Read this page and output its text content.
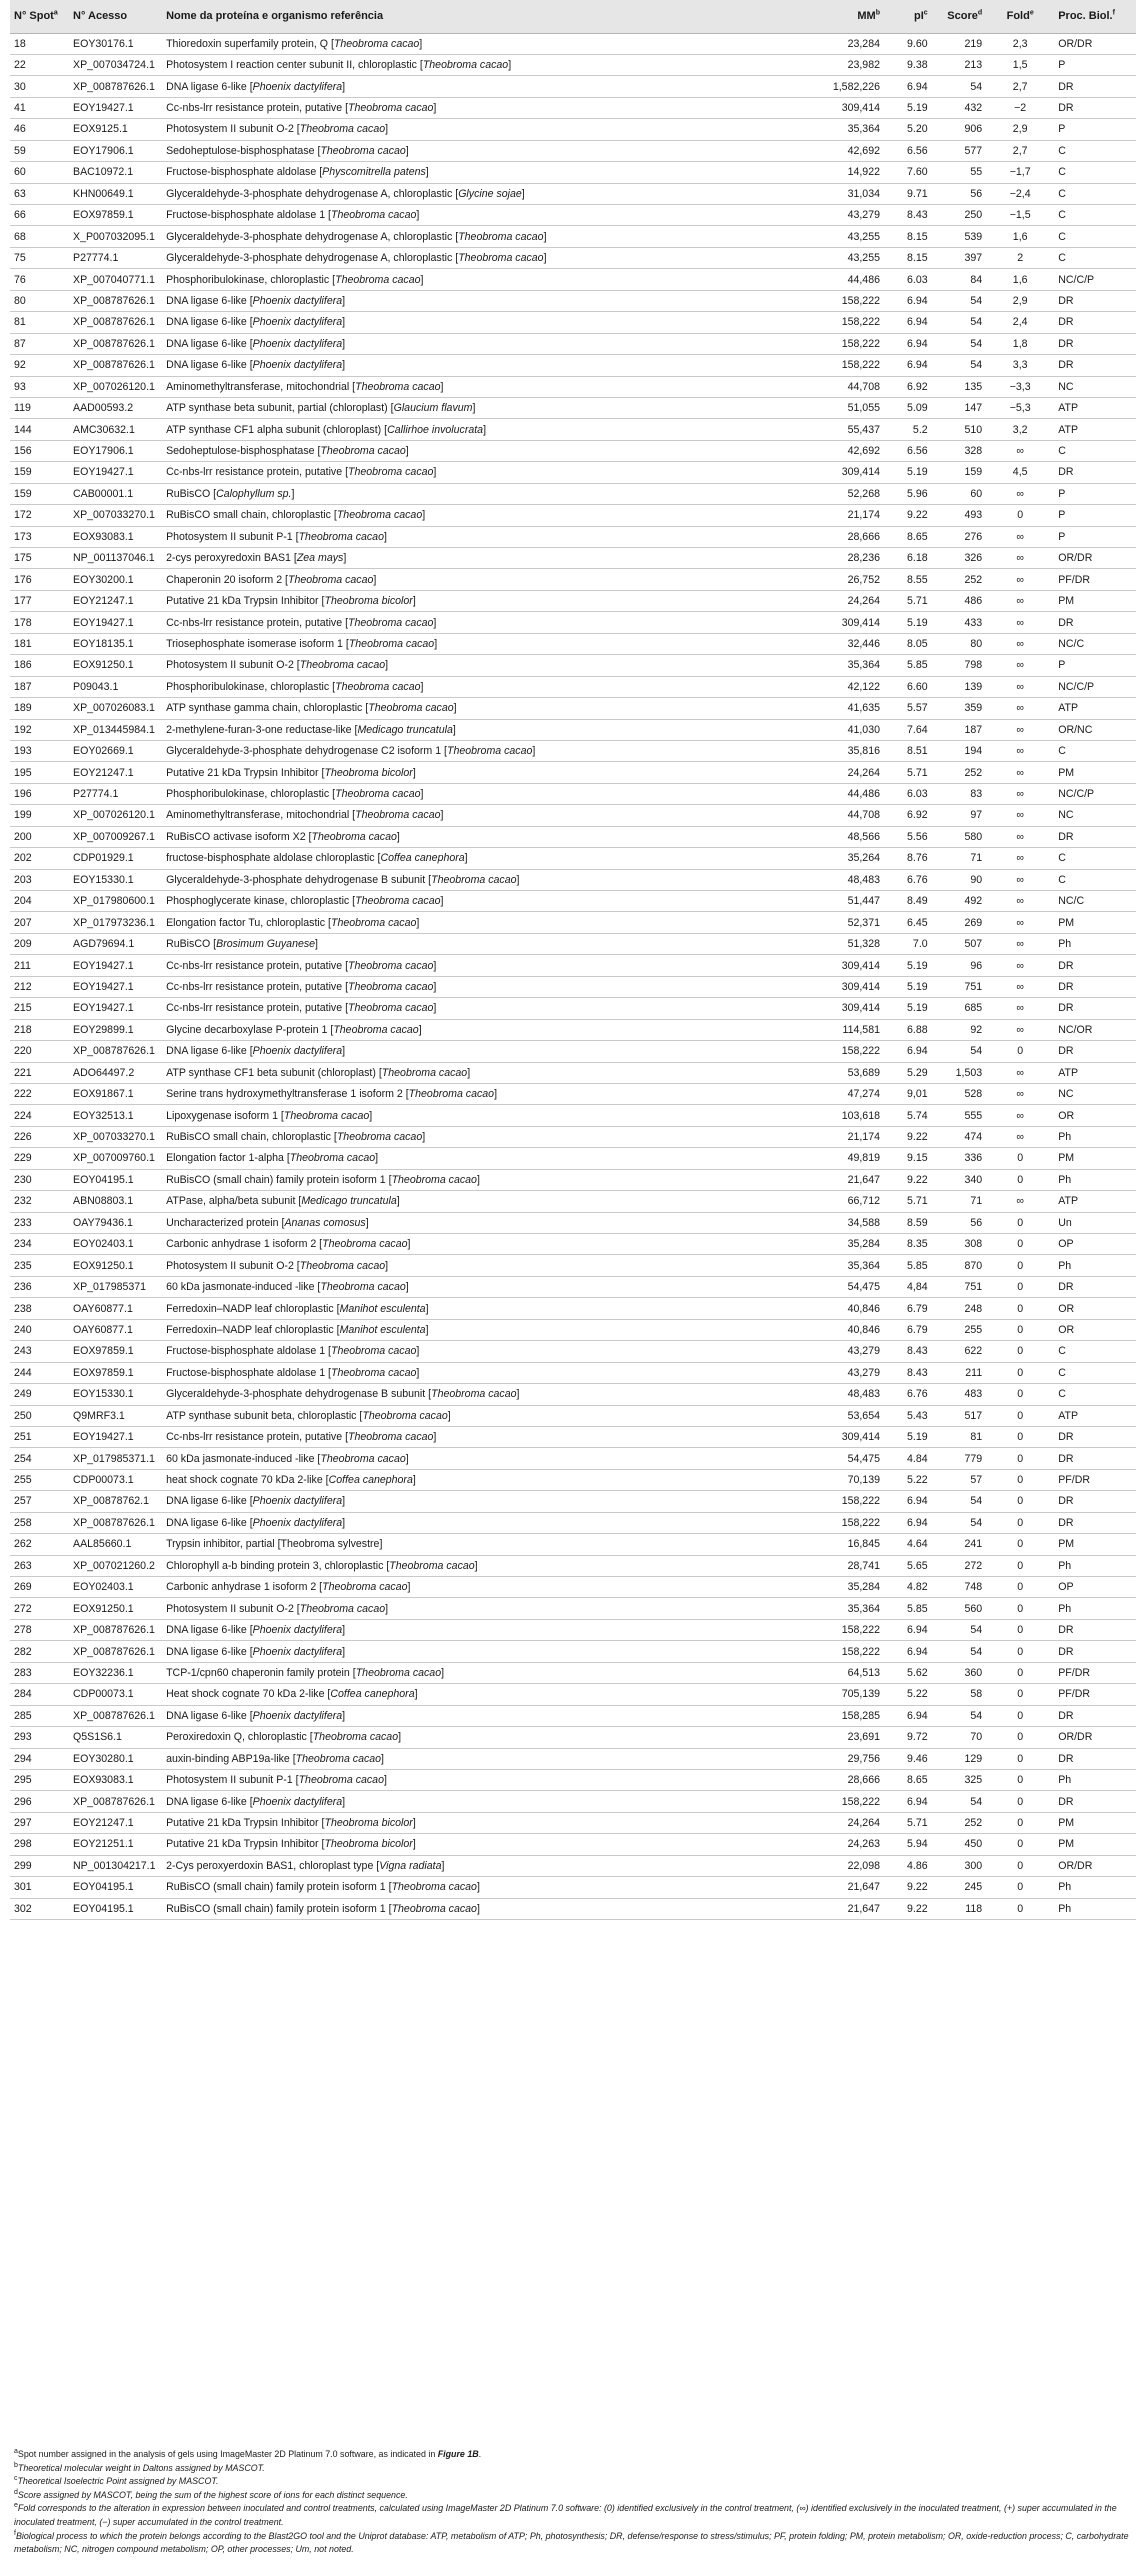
N° Spot$^a$	N° Acesso	Nome da proteína e organismo referência	$MM^b$	$pI^c$	Score$^d$	Fold$^e$	Proc. Biol.$^f$
18	EOY30176.1	Thioredoxin superfamily protein, Q [Theobroma cacao]	23,284	9.60	219	2,3	OR/DR
22	XP_007034724.1	Photosystem I reaction center subunit II, chloroplastic [Theobroma cacao]	23,982	9.38	213	1,5	P
30	XP_008787626.1	DNA ligase 6-like [Phoenix dactylifera]	1,582,226	6.94	54	2,7	DR
41	EOY19427.1	Cc-nbs-lrr resistance protein, putative [Theobroma cacao]	309,414	5.19	432	−2	DR
46	EOX9125.1	Photosystem II subunit O-2 [Theobroma cacao]	35,364	5.20	906	2,9	P
59	EOY17906.1	Sedoheptulose-bisphosphatase [Theobroma cacao]	42,692	6.56	577	2,7	C
60	BAC10972.1	Fructose-bisphosphate aldolase [Physcomitrella patens]	14,922	7.60	55	−1,7	C
63	KHN00649.1	Glyceraldehyde-3-phosphate dehydrogenase A, chloroplastic [Glycine sojae]	31,034	9.71	56	−2,4	C
66	EOX97859.1	Fructose-bisphosphate aldolase 1 [Theobroma cacao]	43,279	8.43	250	−1,5	C
68	X_P007032095.1	Glyceraldehyde-3-phosphate dehydrogenase A, chloroplastic [Theobroma cacao]	43,255	8.15	539	1,6	C
75	P27774.1	Glyceraldehyde-3-phosphate dehydrogenase A, chloroplastic [Theobroma cacao]	43,255	8.15	397	2	C
76	XP_007040771.1	Phosphoribulokinase, chloroplastic [Theobroma cacao]	44,486	6.03	84	1,6	NC/C/P
80	XP_008787626.1	DNA ligase 6-like [Phoenix dactylifera]	158,222	6.94	54	2,9	DR
81	XP_008787626.1	DNA ligase 6-like [Phoenix dactylifera]	158,222	6.94	54	2,4	DR
87	XP_008787626.1	DNA ligase 6-like [Phoenix dactylifera]	158,222	6.94	54	1,8	DR
92	XP_008787626.1	DNA ligase 6-like [Phoenix dactylifera]	158,222	6.94	54	3,3	DR
93	XP_007026120.1	Aminomethyltransferase, mitochondrial [Theobroma cacao]	44,708	6.92	135	−3,3	NC
119	AAD00593.2	ATP synthase beta subunit, partial (chloroplast) [Glaucium flavum]	51,055	5.09	147	−5,3	ATP
144	AMC30632.1	ATP synthase CF1 alpha subunit (chloroplast) [Callirhoe involucrata]	55,437	5.2	510	3,2	ATP
156	EOY17906.1	Sedoheptulose-bisphosphatase [Theobroma cacao]	42,692	6.56	328	∞	C
159	EOY19427.1	Cc-nbs-lrr resistance protein, putative [Theobroma cacao]	309,414	5.19	159	4,5	DR
159	CAB00001.1	RuBisCO [Calophyllum sp.]	52,268	5.96	60	∞	P
172	XP_007033270.1	RuBisCO small chain, chloroplastic [Theobroma cacao]	21,174	9.22	493	0	P
173	EOX93083.1	Photosystem II subunit P-1 [Theobroma cacao]	28,666	8.65	276	∞	P
175	NP_001137046.1	2-cys peroxyredoxin BAS1 [Zea mays]	28,236	6.18	326	∞	OR/DR
176	EOY30200.1	Chaperonin 20 isoform 2 [Theobroma cacao]	26,752	8.55	252	∞	PF/DR
177	EOY21247.1	Putative 21 kDa Trypsin Inhibitor [Theobroma bicolor]	24,264	5.71	486	∞	PM
178	EOY19427.1	Cc-nbs-lrr resistance protein, putative [Theobroma cacao]	309,414	5.19	433	∞	DR
181	EOY18135.1	Triosephosphate isomerase isoform 1 [Theobroma cacao]	32,446	8.05	80	∞	NC/C
186	EOX91250.1	Photosystem II subunit O-2 [Theobroma cacao]	35,364	5.85	798	∞	P
187	P09043.1	Phosphoribulokinase, chloroplastic [Theobroma cacao]	42,122	6.60	139	∞	NC/C/P
189	XP_007026083.1	ATP synthase gamma chain, chloroplastic [Theobroma cacao]	41,635	5.57	359	∞	ATP
192	XP_013445984.1	2-methylene-furan-3-one reductase-like [Medicago truncatula]	41,030	7.64	187	∞	OR/NC
193	EOY02669.1	Glyceraldehyde-3-phosphate dehydrogenase C2 isoform 1 [Theobroma cacao]	35,816	8.51	194	∞	C
195	EOY21247.1	Putative 21 kDa Trypsin Inhibitor [Theobroma bicolor]	24,264	5.71	252	∞	PM
196	P27774.1	Phosphoribulokinase, chloroplastic [Theobroma cacao]	44,486	6.03	83	∞	NC/C/P
199	XP_007026120.1	Aminomethyltransferase, mitochondrial [Theobroma cacao]	44,708	6.92	97	∞	NC
200	XP_007009267.1	RuBisCO activase isoform X2 [Theobroma cacao]	48,566	5.56	580	∞	DR
202	CDP01929.1	fructose-bisphosphate aldolase chloroplastic [Coffea canephora]	35,264	8.76	71	∞	C
203	EOY15330.1	Glyceraldehyde-3-phosphate dehydrogenase B subunit [Theobroma cacao]	48,483	6.76	90	∞	C
204	XP_017980600.1	Phosphoglycerate kinase, chloroplastic [Theobroma cacao]	51,447	8.49	492	∞	NC/C
207	XP_017973236.1	Elongation factor Tu, chloroplastic [Theobroma cacao]	52,371	6.45	269	∞	PM
209	AGD79694.1	RuBisCO [Brosimum Guyanese]	51,328	7.0	507	∞	Ph
211	EOY19427.1	Cc-nbs-lrr resistance protein, putative [Theobroma cacao]	309,414	5.19	96	∞	DR
212	EOY19427.1	Cc-nbs-lrr resistance protein, putative [Theobroma cacao]	309,414	5.19	751	∞	DR
215	EOY19427.1	Cc-nbs-lrr resistance protein, putative [Theobroma cacao]	309,414	5.19	685	∞	DR
218	EOY29899.1	Glycine decarboxylase P-protein 1 [Theobroma cacao]	114,581	6.88	92	∞	NC/OR
220	XP_008787626.1	DNA ligase 6-like [Phoenix dactylifera]	158,222	6.94	54	0	DR
221	ADO64497.2	ATP synthase CF1 beta subunit (chloroplast) [Theobroma cacao]	53,689	5.29	1,503	∞	ATP
222	EOX91867.1	Serine trans hydroxymethyltransferase 1 isoform 2 [Theobroma cacao]	47,274	9,01	528	∞	NC
224	EOY32513.1	Lipoxygenase isoform 1 [Theobroma cacao]	103,618	5.74	555	∞	OR
226	XP_007033270.1	RuBisCO small chain, chloroplastic [Theobroma cacao]	21,174	9.22	474	∞	Ph
229	XP_007009760.1	Elongation factor 1-alpha [Theobroma cacao]	49,819	9.15	336	0	PM
230	EOY04195.1	RuBisCO (small chain) family protein isoform 1 [Theobroma cacao]	21,647	9.22	340	0	Ph
232	ABN08803.1	ATPase, alpha/beta subunit [Medicago truncatula]	66,712	5.71	71	∞	ATP
233	OAY79436.1	Uncharacterized protein [Ananas comosus]	34,588	8.59	56	0	Un
234	EOY02403.1	Carbonic anhydrase 1 isoform 2 [Theobroma cacao]	35,284	8.35	308	0	OP
235	EOX91250.1	Photosystem II subunit O-2 [Theobroma cacao]	35,364	5.85	870	0	Ph
236	XP_017985371	60 kDa jasmonate-induced -like [Theobroma cacao]	54,475	4,84	751	0	DR
238	OAY60877.1	Ferredoxin–NADP leaf chloroplastic [Manihot esculenta]	40,846	6.79	248	0	OR
240	OAY60877.1	Ferredoxin–NADP leaf chloroplastic [Manihot esculenta]	40,846	6.79	255	0	OR
243	EOX97859.1	Fructose-bisphosphate aldolase 1 [Theobroma cacao]	43,279	8.43	622	0	C
244	EOX97859.1	Fructose-bisphosphate aldolase 1 [Theobroma cacao]	43,279	8.43	211	0	C
249	EOY15330.1	Glyceraldehyde-3-phosphate dehydrogenase B subunit [Theobroma cacao]	48,483	6.76	483	0	C
250	Q9MRF3.1	ATP synthase subunit beta, chloroplastic [Theobroma cacao]	53,654	5.43	517	0	ATP
251	EOY19427.1	Cc-nbs-lrr resistance protein, putative [Theobroma cacao]	309,414	5.19	81	0	DR
254	XP_017985371.1	60 kDa jasmonate-induced -like [Theobroma cacao]	54,475	4.84	779	0	DR
255	CDP00073.1	heat shock cognate 70 kDa 2-like [Coffea canephora]	70,139	5.22	57	0	PF/DR
257	XP_00878762.1	DNA ligase 6-like [Phoenix dactylifera]	158,222	6.94	54	0	DR
258	XP_008787626.1	DNA ligase 6-like [Phoenix dactylifera]	158,222	6.94	54	0	DR
262	AAL85660.1	Trypsin inhibitor, partial [Theobroma sylvestre]	16,845	4.64	241	0	PM
263	XP_007021260.2	Chlorophyll a-b binding protein 3, chloroplastic [Theobroma cacao]	28,741	5.65	272	0	Ph
269	EOY02403.1	Carbonic anhydrase 1 isoform 2 [Theobroma cacao]	35,284	4.82	748	0	OP
272	EOX91250.1	Photosystem II subunit O-2 [Theobroma cacao]	35,364	5.85	560	0	Ph
278	XP_008787626.1	DNA ligase 6-like [Phoenix dactylifera]	158,222	6.94	54	0	DR
282	XP_008787626.1	DNA ligase 6-like [Phoenix dactylifera]	158,222	6.94	54	0	DR
283	EOY32236.1	TCP-1/cpn60 chaperonin family protein [Theobroma cacao]	64,513	5.62	360	0	PF/DR
284	CDP00073.1	Heat shock cognate 70 kDa 2-like [Coffea canephora]	705,139	5.22	58	0	PF/DR
285	XP_008787626.1	DNA ligase 6-like [Phoenix dactylifera]	158,285	6.94	54	0	DR
293	Q5S1S6.1	Peroxiredoxin Q, chloroplastic [Theobroma cacao]	23,691	9.72	70	0	OR/DR
294	EOY30280.1	auxin-binding ABP19a-like [Theobroma cacao]	29,756	9.46	129	0	DR
295	EOX93083.1	Photosystem II subunit P-1 [Theobroma cacao]	28,666	8.65	325	0	Ph
296	XP_008787626.1	DNA ligase 6-like [Phoenix dactylifera]	158,222	6.94	54	0	DR
297	EOY21247.1	Putative 21 kDa Trypsin Inhibitor [Theobroma bicolor]	24,264	5.71	252	0	PM
298	EOY21251.1	Putative 21 kDa Trypsin Inhibitor [Theobroma bicolor]	24,263	5.94	450	0	PM
299	NP_001304217.1	2-Cys peroxyerdoxin BAS1, chloroplast type [Vigna radiata]	22,098	4.86	300	0	OR/DR
301	EOY04195.1	RuBisCO (small chain) family protein isoform 1 [Theobroma cacao]	21,647	9.22	245	0	Ph
302	EOY04195.1	RuBisCO (small chain) family protein isoform 1 [Theobroma cacao]	21,647	9.22	118	0	Ph

$^a$Spot number assigned in the analysis of gels using ImageMaster 2D Platinum 7.0 software, as indicated in Figure 1B.

$^b$Theoretical molecular weight in Daltons assigned by MASCOT.

$^c$Theoretical Isoelectric Point assigned by MASCOT.

$^d$Score assigned by MASCOT, being the sum of the highest score of ions for each distinct sequence.

$^e$Fold corresponds to the alteration in expression between inoculated and control treatments, calculated using ImageMaster 2D Platinum 7.0 software: (0) identified exclusively in the control treatment, (∞) identified exclusively in the inoculated treatment, (+) super accumulated in the inoculated treatment, (−) super accumulated in the control treatment.

$^f$Biological process to which the protein belongs according to the Blast2GO tool and the Uniprot database: ATP, metabolism of ATP; Ph, photosynthesis; DR, defense/response to stress/stimulus; PF, protein folding; PM, protein metabolism; OR, oxide-reduction process; C, carbohydrate metabolism; NC, nitrogen compound metabolism; OP, other processes; Um, not noted.
